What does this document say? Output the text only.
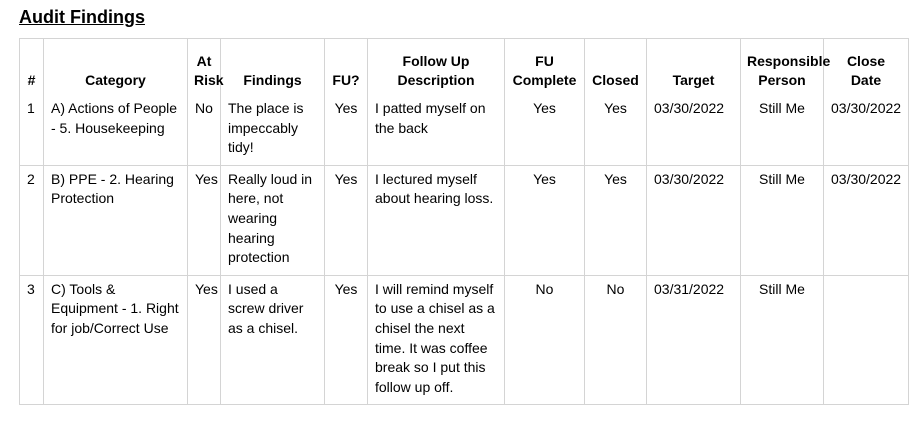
Audit Findings
#	Category	At Risk	Findings	FU?	Follow Up Description	FU Complete	Closed	Target	Responsible Person	Close Date
1	A) Actions of People - 5. Housekeeping	No	The place is impeccably tidy!	Yes	I patted myself on the back	Yes	Yes	03/30/2022	Still Me	03/30/2022
2	B) PPE - 2. Hearing Protection	Yes	Really loud in here, not wearing hearing protection	Yes	I lectured myself about hearing loss.	Yes	Yes	03/30/2022	Still Me	03/30/2022
3	C) Tools & Equipment - 1. Right for job/Correct Use	Yes	I used a screw driver as a chisel.	Yes	I will remind myself to use a chisel as a chisel the next time. It was coffee break so I put this follow up off.	No	No	03/31/2022	Still Me	
